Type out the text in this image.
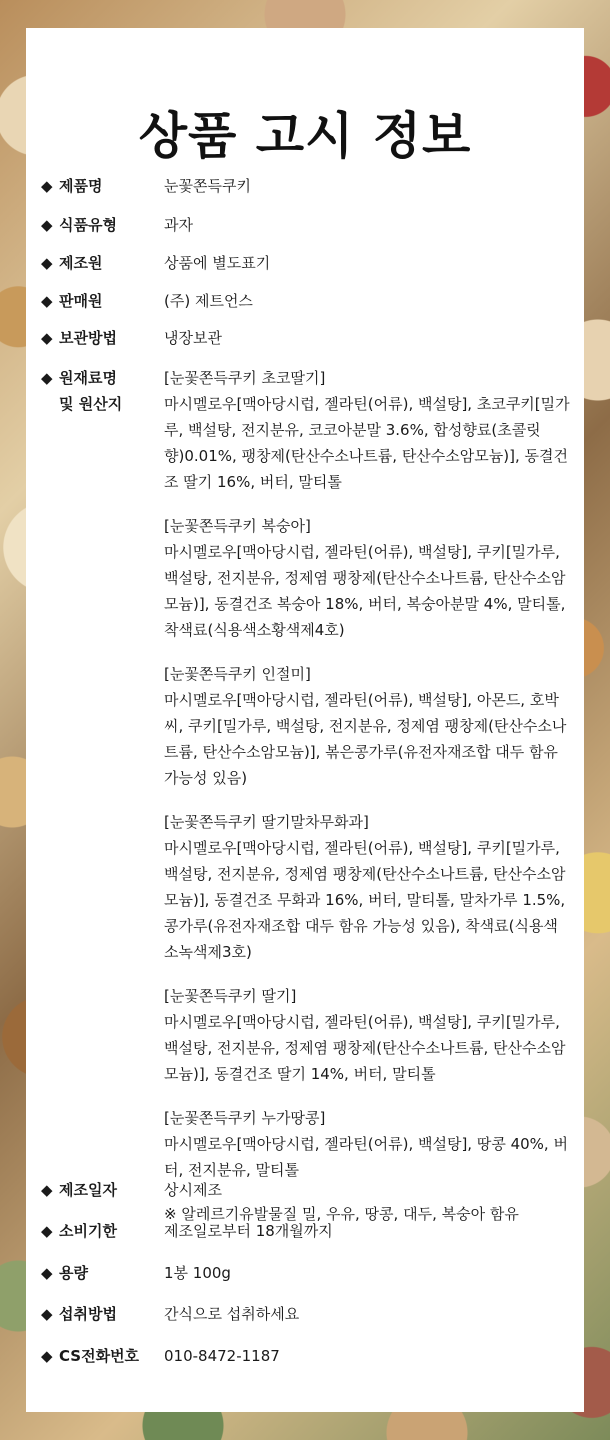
상품 고시 정보
◆ 제품명	눈꽃쫀득쿠키
◆ 식품유형	과자
◆ 제조원	상품에 별도표기
◆ 판매원	(주) 제트언스
◆ 보관방법	냉장보관
◆ 원재료명
및 원산지
[눈꽃쫀득쿠키 초코딸기]
마시멜로우[맥아당시럽, 젤라틴(어류), 백설탕], 초코쿠키[밀가루, 백설탕, 전지분유, 코코아분말 3.6%, 합성향료(초콜릿향)0.01%, 팽창제(탄산수소나트륨, 탄산수소암모늄)], 동결건조 딸기 16%, 버터, 말티톨
[눈꽃쫀득쿠키 복숭아]
마시멜로우[맥아당시럽, 젤라틴(어류), 백설탕], 쿠키[밀가루, 백설탕, 전지분유, 정제염 팽창제(탄산수소나트륨, 탄산수소암모늄)], 동결건조 복숭아 18%, 버터, 복숭아분말 4%, 말티톨, 착색료(식용색소황색제4호)
[눈꽃쫀득쿠키 인절미]
마시멜로우[맥아당시럽, 젤라틴(어류), 백설탕], 아몬드, 호박씨, 쿠키[밀가루, 백설탕, 전지분유, 정제염 팽창제(탄산수소나트륨, 탄산수소암모늄)], 볶은콩가루(유전자재조합 대두 함유 가능성 있음)
[눈꽃쫀득쿠키 딸기말차무화과]
마시멜로우[맥아당시럽, 젤라틴(어류), 백설탕], 쿠키[밀가루, 백설탕, 전지분유, 정제염 팽창제(탄산수소나트륨, 탄산수소암모늄)], 동결건조 무화과 16%, 버터, 말티톨, 말차가루 1.5%, 콩가루(유전자재조합 대두 함유 가능성 있음), 착색료(식용색소녹색제3호)
[눈꽃쫀득쿠키 딸기]
마시멜로우[맥아당시럽, 젤라틴(어류), 백설탕], 쿠키[밀가루, 백설탕, 전지분유, 정제염 팽창제(탄산수소나트륨, 탄산수소암모늄)], 동결건조 딸기 14%, 버터, 말티톨
[눈꽃쫀득쿠키 누가땅콩]
마시멜로우[맥아당시럽, 젤라틴(어류), 백설탕], 땅콩 40%, 버터, 전지분유, 말티톨
※ 알레르기유발물질 밀, 우유, 땅콩, 대두, 복숭아 함유
◆ 제조일자	상시제조
◆ 소비기한	제조일로부터 18개월까지
◆ 용량	1봉 100g
◆ 섭취방법	간식으로 섭취하세요
◆ CS전화번호	010-8472-1187
